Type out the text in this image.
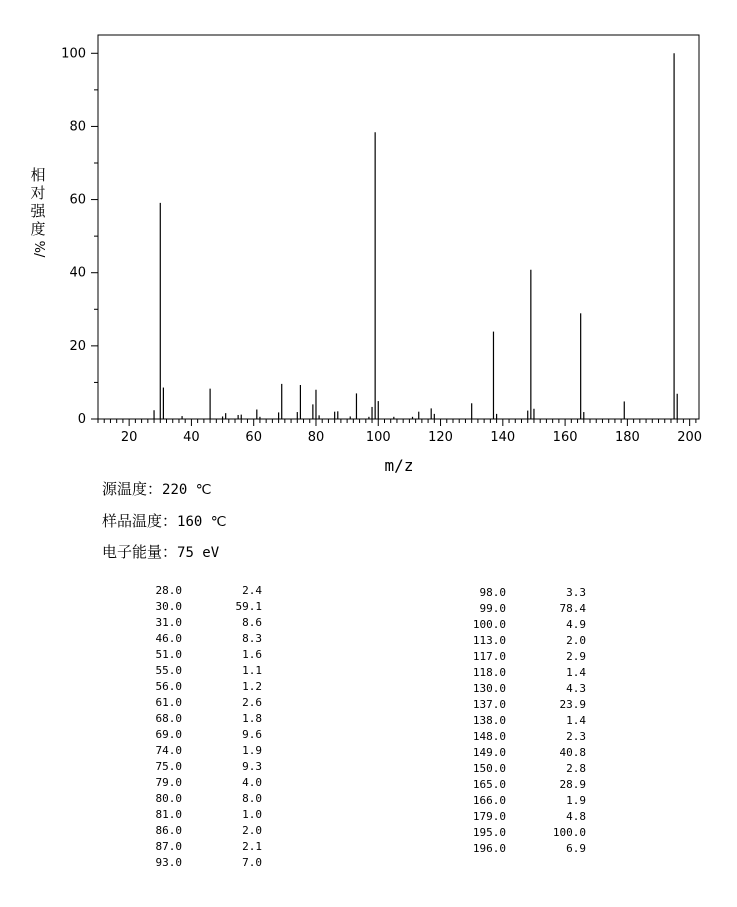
20	40	60	80	100	120	140	160	180	200
0
20
40
60
80
100
m/z
相
对
强
度
%/
源温度：220 ℃
样品温度：160 ℃
电子能量：75 eV
28.0	2.4
30.0	59.1
31.0	8.6
46.0	8.3
51.0	1.6
55.0	1.1
56.0	1.2
61.0	2.6
68.0	1.8
69.0	9.6
74.0	1.9
75.0	9.3
79.0	4.0
80.0	8.0
81.0	1.0
86.0	2.0
87.0	2.1
93.0	7.0
98.0	3.3
99.0	78.4
100.0	4.9
113.0	2.0
117.0	2.9
118.0	1.4
130.0	4.3
137.0	23.9
138.0	1.4
148.0	2.3
149.0	40.8
150.0	2.8
165.0	28.9
166.0	1.9
179.0	4.8
195.0	100.0
196.0	6.9
